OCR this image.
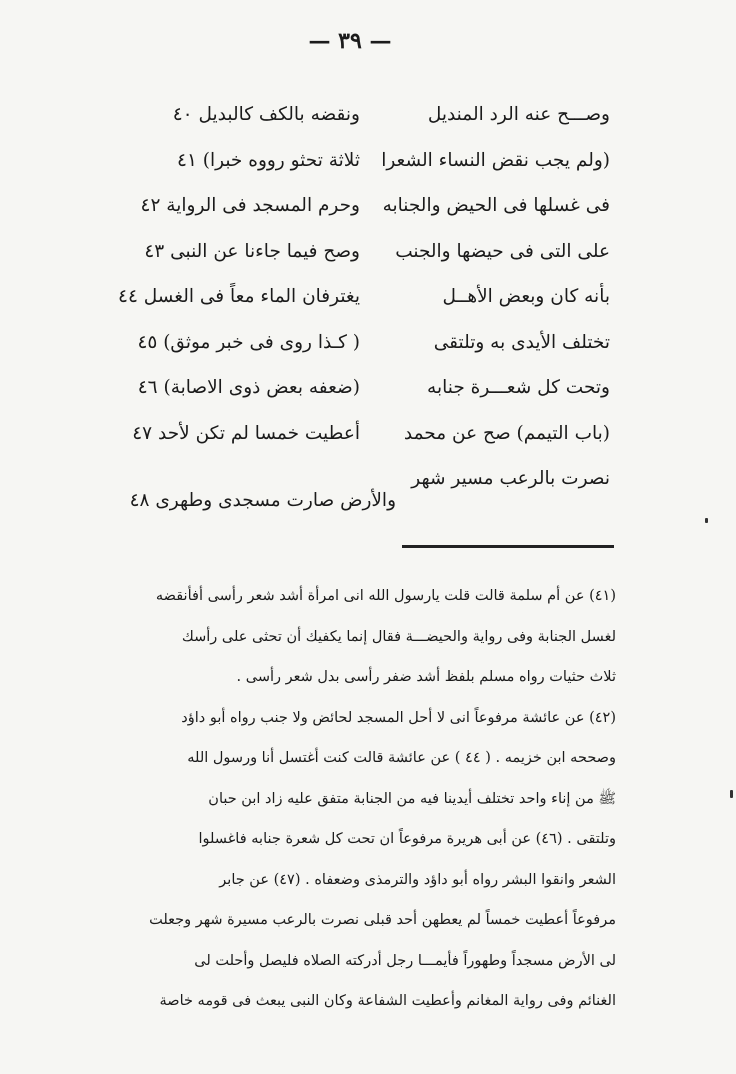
— ٣٩ —
وصـــح عنه الرد المنديل
ونقضه بالكف كالبديل ٤٠
(ولم يجب نقض النساء الشعرا
ثلاثة تحثو رووه خبرا) ٤١
فى غسلها فى الحيض والجنابه
وحرم المسجد فى الرواية ٤٢
على التى فى حيضها والجنب
وصح فيما جاءنا عن النبى ٤٣
بأنه كان وبعض الأهــل
يغترفان الماء معاً فى الغسل ٤٤
تختلف الأيدى به وتلتقى
( كـذا روى فى خبر موثق) ٤٥
وتحت كل شعـــرة جنابه
(ضعفه بعض ذوى الاصابة) ٤٦
(باب التيمم) صح عن محمد
أعطيت خمسا لم تكن لأحد ٤٧
نصرت بالرعب مسير شهر
والأرض صارت مسجدى وطهرى ٤٨
(٤١) عن أم سلمة قالت قلت يارسول الله انى امرأة أشد شعر رأسى أفأنقضه
لغسل الجنابة وفى رواية والحيضـــة فقال إنما يكفيك أن تحثى على رأسك
ثلاث حثيات رواه مسلم بلفظ أشد ضفر رأسى بدل شعر رأسى .
(٤٢) عن عائشة مرفوعاً انى لا أحل المسجد لحائض ولا جنب رواه أبو داؤد
وصححه ابن خزيمه . ( ٤٤ ) عن عائشة قالت كنت أغتسل أنا ورسول الله
ﷺ من إناء واحد تختلف أيدينا فيه من الجنابة متفق عليه زاد ابن حبان
وتلتقى . (٤٦) عن أبى هريرة مرفوعاً ان تحت كل شعرة جنابه فاغسلوا
الشعر وانقوا البشر رواه أبو داؤد والترمذى وضعفاه . (٤٧) عن جابر
مرفوعاً أعطيت خمساً لم يعطهن أحد قبلى نصرت بالرعب مسيرة شهر وجعلت
لى الأرض مسجداً وطهوراً فأيمـــا رجل أدركته الصلاه فليصل وأحلت لى
الغنائم وفى رواية المغانم وأعطيت الشفاعة وكان النبى يبعث فى قومه خاصة
